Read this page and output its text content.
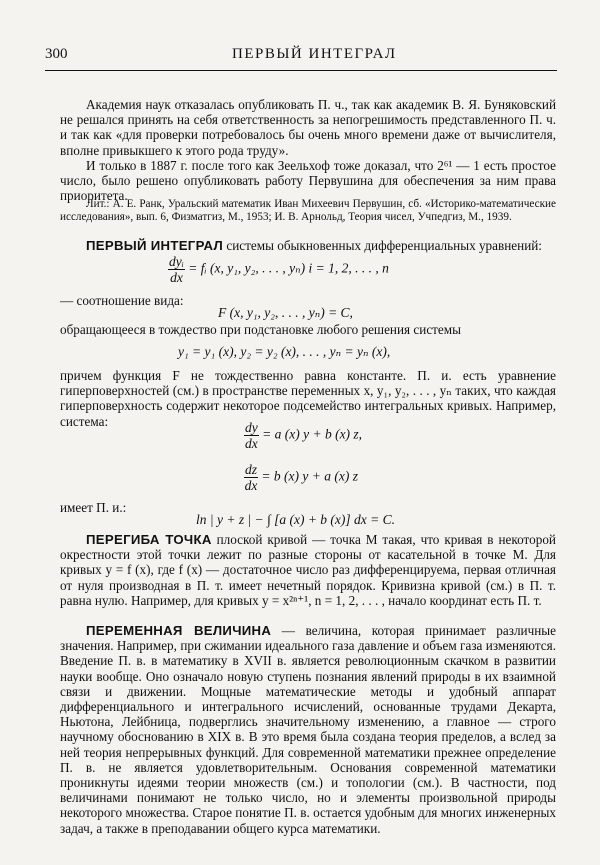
300	ПЕРВЫЙ ИНТЕГРАЛ
Академия наук отказалась опубликовать П. ч., так как академик В. Я. Буняковский не решался принять на себя ответственность за непогрешимость представленного П. ч. и так как «для проверки потребовалось бы очень много времени даже от вычислителя, вполне привыкшего к этого рода труду».
И только в 1887 г. после того как Зеельхоф тоже доказал, что 2⁶¹ — 1 есть простое число, было решено опубликовать работу Первушина для обеспечения за ним права приоритета.
Лит.: А. Е. Ранк, Уральский математик Иван Михеевич Первушин, сб. «Историко-математические исследования», вып. 6, Физматгиз, М., 1953; И. В. Арнольд, Теория чисел, Учпедгиз, М., 1939.
ПЕРВЫЙ ИНТЕГРАЛ системы обыкновенных дифференциальных уравнений:
$\frac{\text{dyᵢ}}{dx}$ = fᵢ (x, y₁, y₂, . . . , yₙ) i = 1, 2, . . . , n
— соотношение вида:
F (x, y₁, y₂, . . . , yₙ) = C,
обращающееся в тождество при подстановке любого решения системы
y₁ = y₁ (x), y₂ = y₂ (x), . . . , yₙ = yₙ (x),
причем функция F не тождественно равна константе. П. и. есть уравнение гиперповерхностей (см.) в пространстве переменных x, y₁, y₂, . . . , yₙ таких, что каждая гиперповерхность содержит некоторое подсемейство интегральных кривых. Например, система:	$\frac{dy}{dx} = a$ (x) y + b (x) z,
$\frac{dz}{dx} = b$ (x) y + a (x) z
имеет П. и.:
ln | y + z | − ∫ [a (x) + b (x)] dx = C.
ПЕРЕГИБА ТОЧКА плоской кривой — точка M такая, что кривая в некоторой окрестности этой точки лежит по разные стороны от касательной в точке M. Для кривых y = f (x), где f (x) — достаточное число раз дифференцируема, первая отличная от нуля производная в П. т. имеет нечетный порядок. Кривизна кривой (см.) в П. т. равна нулю. Например, для кривых y = x²ⁿ⁺¹, n = 1, 2, . . . , начало координат есть П. т.
ПЕРЕМЕННАЯ ВЕЛИЧИНА — величина, которая принимает различные значения. Например, при сжимании идеального газа давление и объем газа изменяются. Введение П. в. в математику в XVII в. является революционным скачком в развитии науки вообще. Оно означало новую ступень познания явлений природы в их взаимной связи и движении. Мощные математические методы и удобный аппарат дифференциального и интегрального исчислений, основанные трудами Декарта, Ньютона, Лейбница, подверглись значительному изменению, а главное — строго научному обоснованию в XIX в. В это время была создана теория пределов, а вслед за ней теория непрерывных функций. Для современной математики прежнее определение П. в. не является удовлетворительным. Основания современной математики проникнуты идеями теории множеств (см.) и топологии (см.). В частности, под величинами понимают не только число, но и элементы произвольной природы некоторого множества. Старое понятие П. в. остается удобным для многих инженерных задач, а также в преподавании общего курса математики.
